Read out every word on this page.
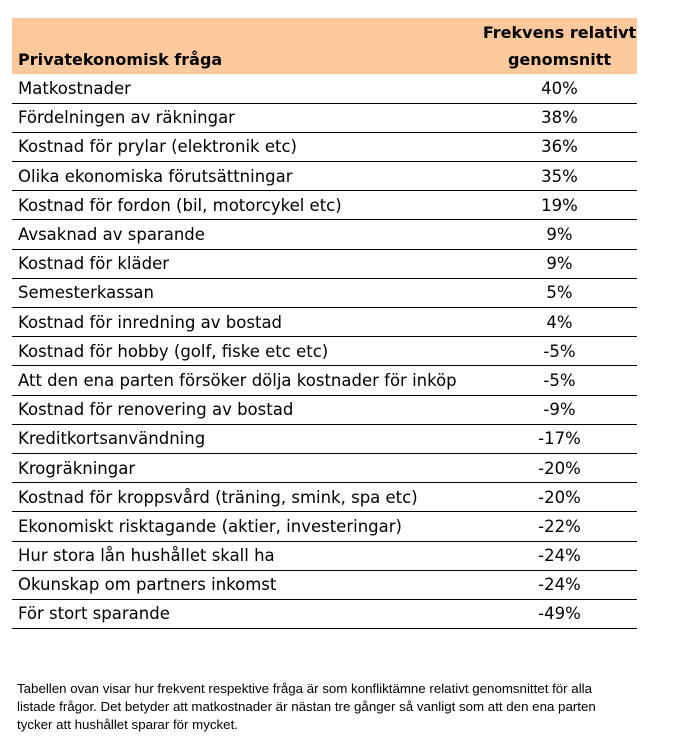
Privatekonomisk fråga	Frekvens relativt
genomsnitt

Matkostnader	40%
Fördelningen av räkningar	38%
Kostnad för prylar (elektronik etc)	36%
Olika ekonomiska förutsättningar	35%
Kostnad för fordon (bil, motorcykel etc)	19%
Avsaknad av sparande	9%
Kostnad för kläder	9%
Semesterkassan	5%
Kostnad för inredning av bostad	4%
Kostnad för hobby (golf, fiske etc etc)	-5%
Att den ena parten försöker dölja kostnader för inköp	-5%
Kostnad för renovering av bostad	-9%
Kreditkortsanvändning	-17%
Krogräkningar	-20%
Kostnad för kroppsvård (träning, smink, spa etc)	-20%
Ekonomiskt risktagande (aktier, investeringar)	-22%
Hur stora lån hushållet skall ha	-24%
Okunskap om partners inkomst	-24%
För stort sparande	-49%

Tabellen ovan visar hur frekvent respektive fråga är som konfliktämne relativt genomsnittet för alla listade frågor. Det betyder att matkostnader är nästan tre gånger så vanligt som att den ena parten tycker att hushållet sparar för mycket.
